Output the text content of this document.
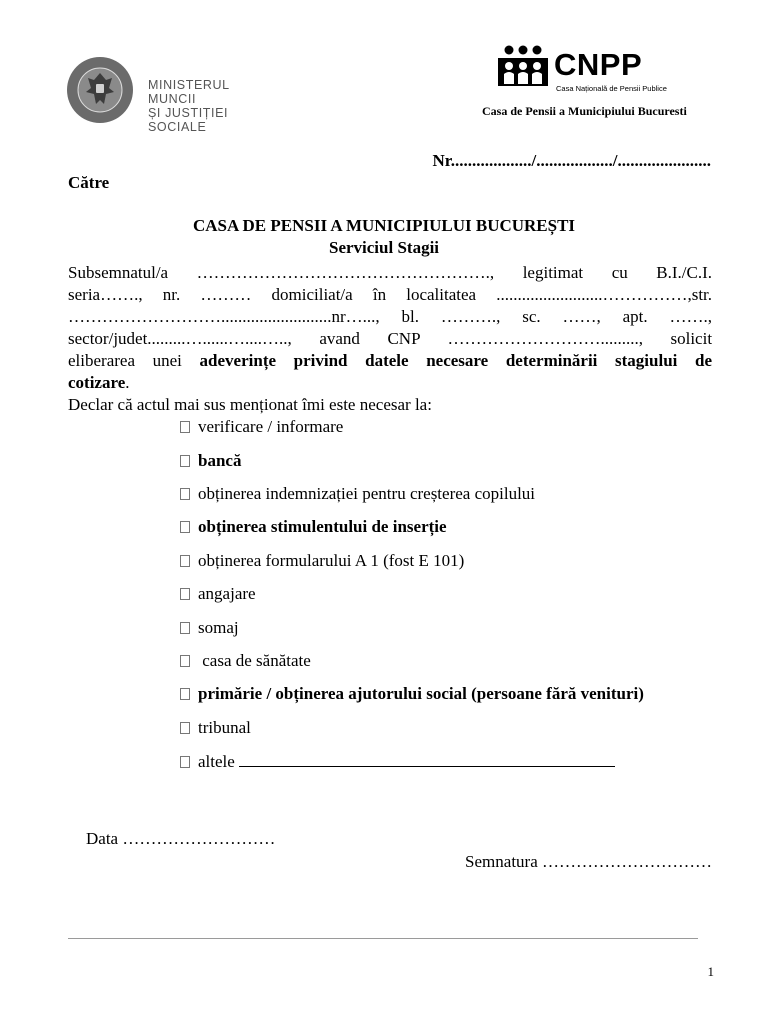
MINISTERUL MUNCII
ȘI JUSTIȚIEI SOCIALE
CNPP
Casa Națională de Pensii Publice
Casa de Pensii a Municipiului Bucuresti
Nr.................../................../......................
Către
CASA DE PENSII A MUNICIPIULUI BUCUREȘTI
Serviciul Stagii
Subsemnatul/a ……………………………………………., legitimat cu B.I./C.I.
seria……., nr. ……… domiciliat/a în localitatea .........................……………,str.
………………………..........................nr…..., bl. ………., sc. ……, apt. …….,
sector/judet.........…......…....….., avand CNP ………………………........., solicit
eliberarea unei adeverințe privind datele necesare determinării stagiului de
cotizare.
Declar că actul mai sus menționat îmi este necesar la:
verificare / informare
bancă
obținerea indemnizației pentru creșterea copilului
obținerea stimulentului de inserție
obținerea formularului A 1 (fost E 101)
angajare
somaj
casa de sănătate
primărie / obținerea ajutorului social (persoane fără venituri)
tribunal
altele
Data ………………………
Semnatura …………………………
1
